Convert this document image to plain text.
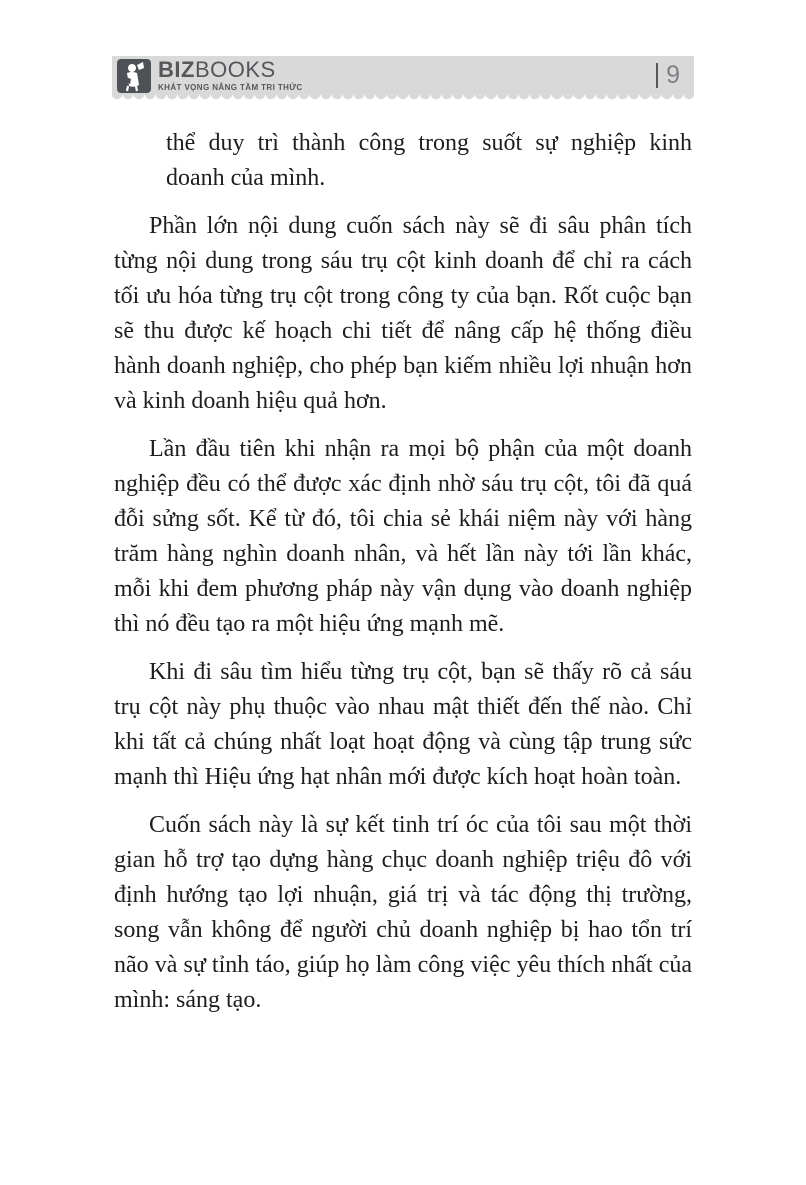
BIZBOOKS
KHÁT VỌNG NÂNG TẦM TRI THỨC	9

thể duy trì thành công trong suốt sự nghiệp kinh doanh của mình.

Phần lớn nội dung cuốn sách này sẽ đi sâu phân tích từng nội dung trong sáu trụ cột kinh doanh để chỉ ra cách tối ưu hóa từng trụ cột trong công ty của bạn. Rốt cuộc bạn sẽ thu được kế hoạch chi tiết để nâng cấp hệ thống điều hành doanh nghiệp, cho phép bạn kiếm nhiều lợi nhuận hơn và kinh doanh hiệu quả hơn.

Lần đầu tiên khi nhận ra mọi bộ phận của một doanh nghiệp đều có thể được xác định nhờ sáu trụ cột, tôi đã quá đỗi sửng sốt. Kể từ đó, tôi chia sẻ khái niệm này với hàng trăm hàng nghìn doanh nhân, và hết lần này tới lần khác, mỗi khi đem phương pháp này vận dụng vào doanh nghiệp thì nó đều tạo ra một hiệu ứng mạnh mẽ.

Khi đi sâu tìm hiểu từng trụ cột, bạn sẽ thấy rõ cả sáu trụ cột này phụ thuộc vào nhau mật thiết đến thế nào. Chỉ khi tất cả chúng nhất loạt hoạt động và cùng tập trung sức mạnh thì Hiệu ứng hạt nhân mới được kích hoạt hoàn toàn.

Cuốn sách này là sự kết tinh trí óc của tôi sau một thời gian hỗ trợ tạo dựng hàng chục doanh nghiệp triệu đô với định hướng tạo lợi nhuận, giá trị và tác động thị trường, song vẫn không để người chủ doanh nghiệp bị hao tổn trí não và sự tỉnh táo, giúp họ làm công việc yêu thích nhất của mình: sáng tạo.
